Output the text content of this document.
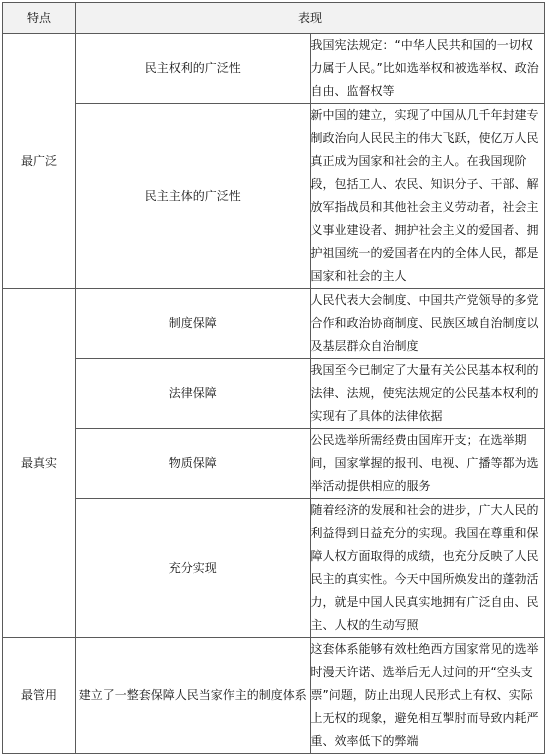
特点	表现	
最广泛	民主权利的广泛性	我国宪法规定：“中华人民共和国的一切权力属于人民。”比如选举权和被选举权、政治自由、监督权等
	民主主体的广泛性	新中国的建立，实现了中国从几千年封建专制政治向人民民主的伟大飞跃，使亿万人民真正成为国家和社会的主人。在我国现阶段，包括工人、农民、知识分子、干部、解放军指战员和其他社会主义劳动者，社会主义事业建设者、拥护社会主义的爱国者、拥护祖国统一的爱国者在内的全体人民，都是国家和社会的主人
最真实	制度保障	人民代表大会制度、中国共产党领导的多党合作和政治协商制度、民族区域自治制度以及基层群众自治制度
	法律保障	我国至今已制定了大量有关公民基本权利的法律、法规，使宪法规定的公民基本权利的实现有了具体的法律依据
	物质保障	公民选举所需经费由国库开支；在选举期间，国家掌握的报刊、电视、广播等都为选举活动提供相应的服务
	充分实现	随着经济的发展和社会的进步，广大人民的利益得到日益充分的实现。我国在尊重和保障人权方面取得的成绩，也充分反映了人民民主的真实性。今天中国所焕发出的蓬勃活力，就是中国人民真实地拥有广泛自由、民主、人权的生动写照
最管用	建立了一整套保障人民当家作主的制度体系	这套体系能够有效杜绝西方国家常见的选举时漫天许诺、选举后无人过问的开“空头支票”问题，防止出现人民形式上有权、实际上无权的现象，避免相互掣肘而导致内耗严重、效率低下的弊端
